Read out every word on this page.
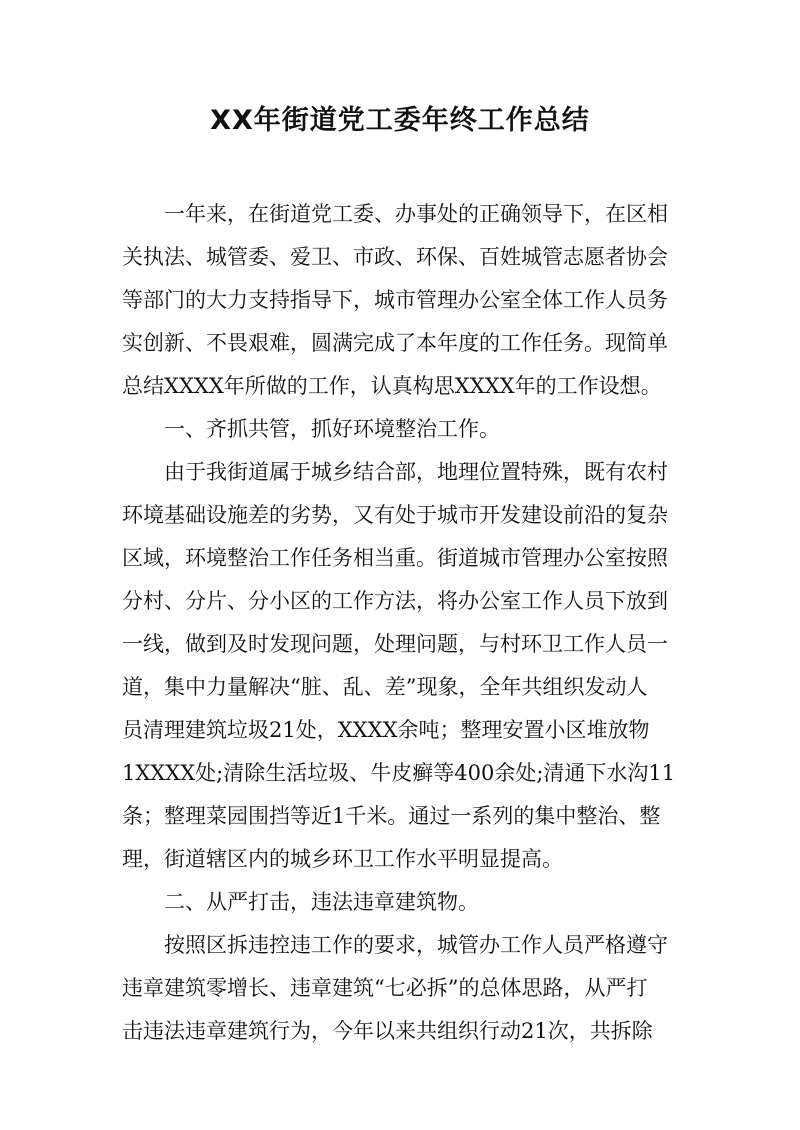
XX年街道党工委年终工作总结
一年来，在街道党工委、办事处的正确领导下，在区相
关执法、城管委、爱卫、市政、环保、百姓城管志愿者协会
等部门的大力支持指导下，城市管理办公室全体工作人员务
实创新、不畏艰难，圆满完成了本年度的工作任务。现简单
总结XXXX年所做的工作，认真构思XXXX年的工作设想。
一、齐抓共管，抓好环境整治工作。
由于我街道属于城乡结合部，地理位置特殊，既有农村
环境基础设施差的劣势，又有处于城市开发建设前沿的复杂
区域，环境整治工作任务相当重。街道城市管理办公室按照
分村、分片、分小区的工作方法，将办公室工作人员下放到
一线，做到及时发现问题，处理问题，与村环卫工作人员一
道，集中力量解决“脏、乱、差”现象，全年共组织发动人
员清理建筑垃圾21处，XXXX余吨；整理安置小区堆放物
1XXXX处;清除生活垃圾、牛皮癣等400余处;清通下水沟11
条；整理菜园围挡等近1千米。通过一系列的集中整治、整
理，街道辖区内的城乡环卫工作水平明显提高。
二、从严打击，违法违章建筑物。
按照区拆违控违工作的要求，城管办工作人员严格遵守
违章建筑零增长、违章建筑“七必拆”的总体思路，从严打
击违法违章建筑行为，今年以来共组织行动21次，共拆除
